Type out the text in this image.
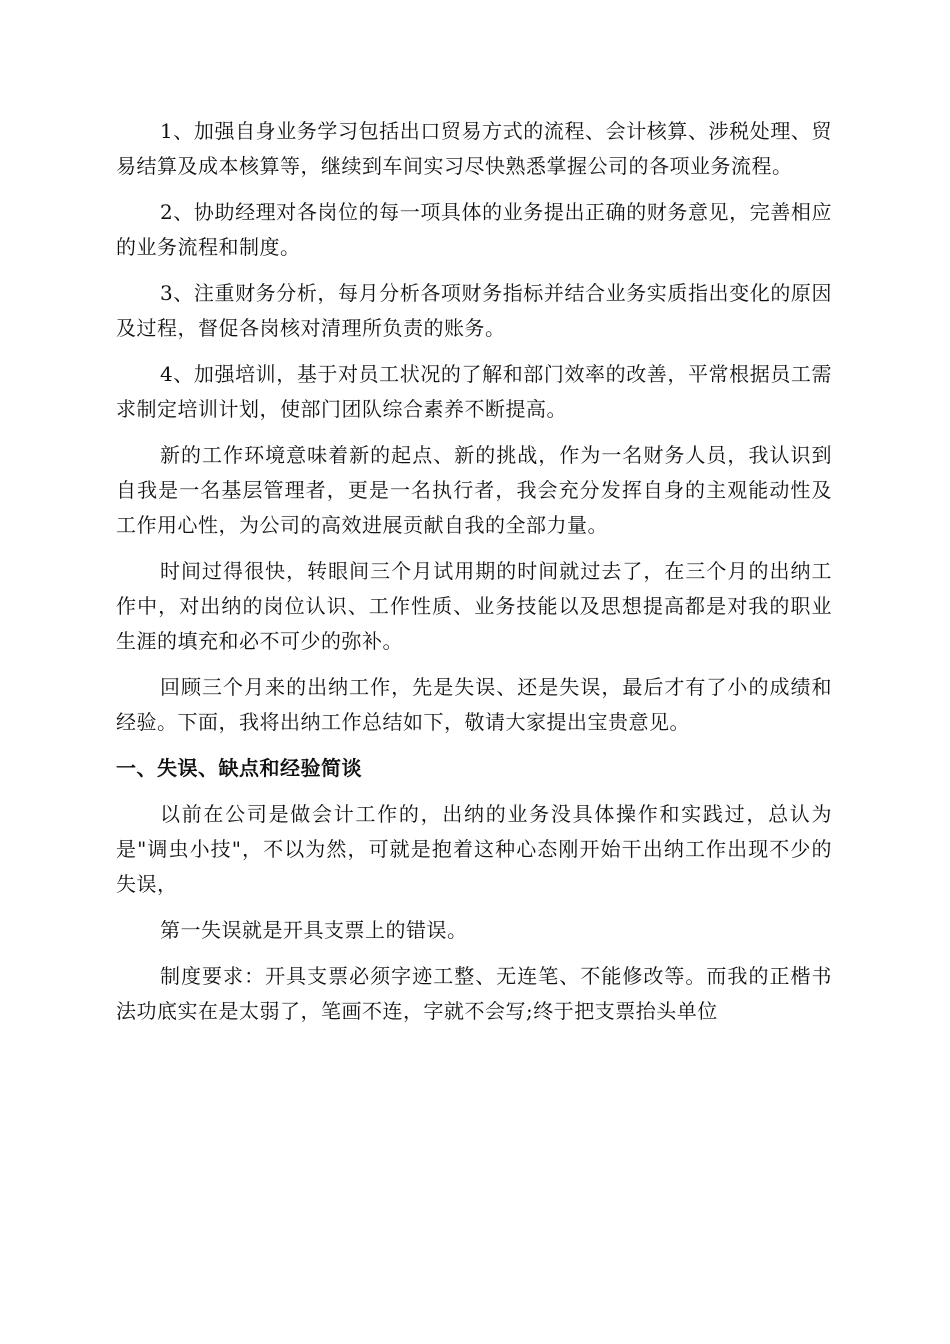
1、加强自身业务学习包括出口贸易方式的流程、会计核算、涉税处理、贸易结算及成本核算等，继续到车间实习尽快熟悉掌握公司的各项业务流程。

2、协助经理对各岗位的每一项具体的业务提出正确的财务意见，完善相应的业务流程和制度。

3、注重财务分析，每月分析各项财务指标并结合业务实质指出变化的原因及过程，督促各岗核对清理所负责的账务。

4、加强培训，基于对员工状况的了解和部门效率的改善，平常根据员工需求制定培训计划，使部门团队综合素养不断提高。

新的工作环境意味着新的起点、新的挑战，作为一名财务人员，我认识到自我是一名基层管理者，更是一名执行者，我会充分发挥自身的主观能动性及工作用心性，为公司的高效进展贡献自我的全部力量。

时间过得很快，转眼间三个月试用期的时间就过去了，在三个月的出纳工作中，对出纳的岗位认识、工作性质、业务技能以及思想提高都是对我的职业生涯的填充和必不可少的弥补。

回顾三个月来的出纳工作，先是失误、还是失误，最后才有了小的成绩和经验。下面，我将出纳工作总结如下，敬请大家提出宝贵意见。

一、失误、缺点和经验简谈

以前在公司是做会计工作的，出纳的业务没具体操作和实践过，总认为是"调虫小技"，不以为然，可就是抱着这种心态刚开始干出纳工作出现不少的失误，

第一失误就是开具支票上的错误。

制度要求：开具支票必须字迹工整、无连笔、不能修改等。而我的正楷书法功底实在是太弱了，笔画不连，字就不会写;终于把支票抬头单位
